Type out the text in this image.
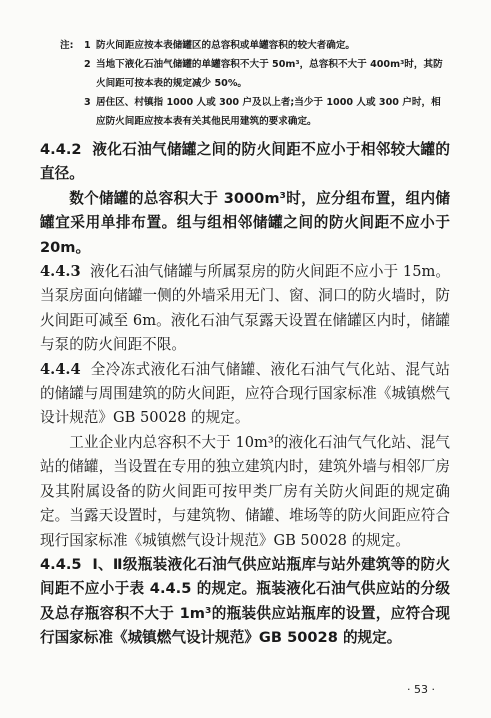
注:	1 防火间距应按本表储罐区的总容积或单罐容积的较大者确定。
2 当地下液化石油气储罐的单罐容积不大于 50m³，总容积不大于 400m³时，其防火间距可按本表的规定减少 50%。
3 居住区、村镇指 1000 人或 300 户及以上者;当少于 1000 人或 300 户时，相应防火间距应按本表有关其他民用建筑的要求确定。

4.4.2 液化石油气储罐之间的防火间距不应小于相邻较大罐的直径。

数个储罐的总容积大于 3000m³时，应分组布置，组内储罐宜采用单排布置。组与组相邻储罐之间的防火间距不应小于 20m。

4.4.3 液化石油气储罐与所属泵房的防火间距不应小于 15m。当泵房面向储罐一侧的外墙采用无门、窗、洞口的防火墙时，防火间距可减至 6m。液化石油气泵露天设置在储罐区内时，储罐与泵的防火间距不限。

4.4.4 全冷冻式液化石油气储罐、液化石油气气化站、混气站的储罐与周围建筑的防火间距，应符合现行国家标准《城镇燃气设计规范》GB 50028 的规定。

工业企业内总容积不大于 10m³的液化石油气气化站、混气站的储罐，当设置在专用的独立建筑内时，建筑外墙与相邻厂房及其附属设备的防火间距可按甲类厂房有关防火间距的规定确定。当露天设置时，与建筑物、储罐、堆场等的防火间距应符合现行国家标准《城镇燃气设计规范》GB 50028 的规定。

4.4.5 Ⅰ、Ⅱ级瓶装液化石油气供应站瓶库与站外建筑等的防火间距不应小于表 4.4.5 的规定。瓶装液化石油气供应站的分级及总存瓶容积不大于 1m³的瓶装供应站瓶库的设置，应符合现行国家标准《城镇燃气设计规范》GB 50028 的规定。

· 53 ·
